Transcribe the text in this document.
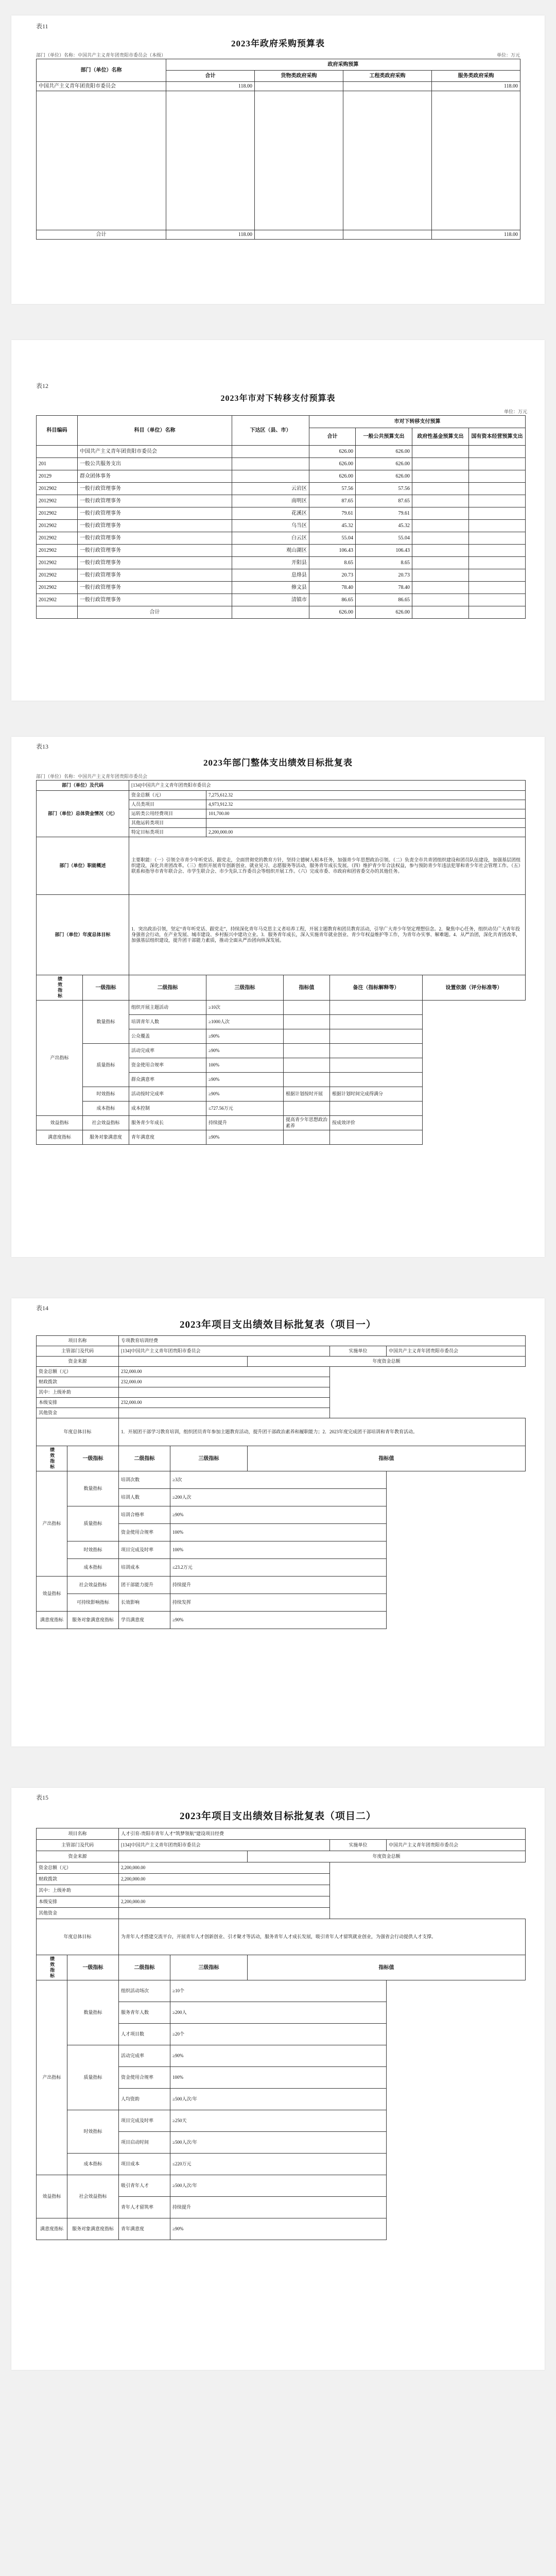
表11
2023年政府采购预算表
部门（单位）名称：中国共产主义青年团贵阳市委员会（本级）	单位：万元
部门（单位）名称	政府采购预算			
	合计	货物类政府采购	工程类政府采购	服务类政府采购
中国共产主义青年团贵阳市委员会	118.00			118.00

合计	118.00			118.00
表12
2023年市对下转移支付预算表
单位：万元
科目编码	科目（单位）名称	下达区（县、市）	市对下转移支付预算			
			合计	一般公共预算支出	政府性基金预算支出	国有资本经营预算支出
	中国共产主义青年团贵阳市委员会		626.00	626.00		
201	一般公共服务支出		626.00	626.00		
20129	群众团体事务		626.00	626.00		
2012902	一般行政管理事务	云岩区	57.56	57.56		
2012902	一般行政管理事务	南明区	87.65	87.65		
2012902	一般行政管理事务	花溪区	79.61	79.61		
2012902	一般行政管理事务	乌当区	45.32	45.32		
2012902	一般行政管理事务	白云区	55.04	55.04		
2012902	一般行政管理事务	观山湖区	106.43	106.43		
2012902	一般行政管理事务	开阳县	8.65	8.65		
2012902	一般行政管理事务	息烽县	20.73	20.73		
2012902	一般行政管理事务	修文县	78.40	78.40		
2012902	一般行政管理事务	清镇市	86.65	86.65		
	合计		626.00	626.00		
表13
2023年部门整体支出绩效目标批复表
部门（单位）名称：中国共产主义青年团贵阳市委员会
部门（单位）及代码		[134]中国共产主义青年团贵阳市委员会				
部门（单位）总体资金情况（元）		资金总额（元）	7,275,612.32			
		人员类项目	4,973,912.32			
		运转类公用经费项目	101,700.00			
		其他运转类项目				
		特定目标类项目	2,200,000.00			
部门（单位）职能概述		主要职能：（一）引领全市青少年听党话、跟党走，全面贯彻党的教育方针，坚持立德树人根本任务，加强青少年思想政治引领。（二）负责全市共青团组织建设和团员队伍建设，加强基层团组织建设，深化共青团改革。（三）组织开展青年创新创业、就业见习、志愿服务等活动，服务青年成长发展。（四）维护青少年合法权益，参与预防青少年违法犯罪和青少年社会管理工作。（五）联系和指导市青年联合会、市学生联合会、市少先队工作委员会等组织开展工作。（六）完成市委、市政府和团省委交办的其他任务。				
部门（单位）年度总体目标		1．突出政治引领，坚定“青年听党话、跟党走”，持续深化青年马克思主义者培养工程，开展主题教育和团员教育活动，引导广大青少年坚定理想信念。2．聚焦中心任务，组织动员广大青年投身强省会行动，在产业发展、城市建设、乡村振兴中建功立业。3．服务青年成长，深入实施青年就业创业、青少年权益维护等工作，为青年办实事、解难题。4．从严治团，深化共青团改革，加强基层组织建设，提升团干部能力素质，推动全面从严治团向纵深发展。				
绩效指标	一级指标	二级指标	三级指标	指标值	备注（指标解释等）	设置依据（评分标准等）
产出指标	数量指标	组织开展主题活动	≥10次			
		培训青年人数	≥1000人次			
		公众覆盖	≥90%			
	质量指标	活动完成率	≥90%			
		资金使用合规率	100%			
		群众满意率	≥90%			
	时效指标	活动按时完成率	≥90%	根据计划按时开展	根据计划时间完成得满分	
	成本指标	成本控制	≤727.56万元			
效益指标	社会效益指标	服务青少年成长	持续提升	提高青少年思想政治素养	按成效评价	
满意度指标	服务对象满意度	青年满意度	≥90%			
表14
2023年项目支出绩效目标批复表（项目一）
项目名称		专项教育培训经费				
主管部门及代码		[134]中国共产主义青年团贵阳市委员会			实施单位	中国共产主义青年团贵阳市委员会
资金来源				年度资金总额		
资金总额（元）		232,000.00				
财政拨款		232,000.00				
其中：上级补助						
本级安排		232,000.00				
其他资金						
年度总体目标		1．开展团干部学习教育培训，组织团员青年参加主题教育活动，提升团干部政治素养和履职能力；2．2023年度完成团干部培训和青年教育活动。				
绩效指标	一级指标	二级指标	三级指标	指标值		
产出指标	数量指标	培训次数	≥3次			
		培训人数	≥200人次			
	质量指标	培训合格率	≥90%			
		资金使用合规率	100%			
	时效指标	项目完成及时率	100%			
	成本指标	培训成本	≤23.2万元			
效益指标	社会效益指标	团干部能力提升	持续提升			
	可持续影响指标	长效影响	持续发挥			
满意度指标	服务对象满意度指标	学员满意度	≥90%			
表15
2023年项目支出绩效目标批复表（项目二）
项目名称		人才引育-贵阳市青年人才“筑梦领航”建设项目经费				
主管部门及代码		[134]中国共产主义青年团贵阳市委员会			实施单位	中国共产主义青年团贵阳市委员会
资金来源				年度资金总额		
资金总额（元）		2,200,000.00				
财政拨款		2,200,000.00				
其中：上级补助						
本级安排		2,200,000.00				
其他资金						
年度总体目标		为青年人才搭建交流平台，开展青年人才创新创业、引才聚才等活动，服务青年人才成长发展，吸引青年人才留筑就业创业，为强省会行动提供人才支撑。				
绩效指标	一级指标	二级指标	三级指标	指标值		
产出指标	数量指标	组织活动场次	≥10个			
		服务青年人数	≥200人			
		人才项目数	≥20个			
	质量指标	活动完成率	≥90%			
		资金使用合规率	100%			
		人均资助	≥500人次/年			
	时效指标	项目完成及时率	≥250天			
		项目启动时间	≥500人次/年			
	成本指标	项目成本	≤220万元			
效益指标	社会效益指标	吸引青年人才	≥500人次/年			
		青年人才留筑率	持续提升			
满意度指标	服务对象满意度指标	青年满意度	≥90%			
